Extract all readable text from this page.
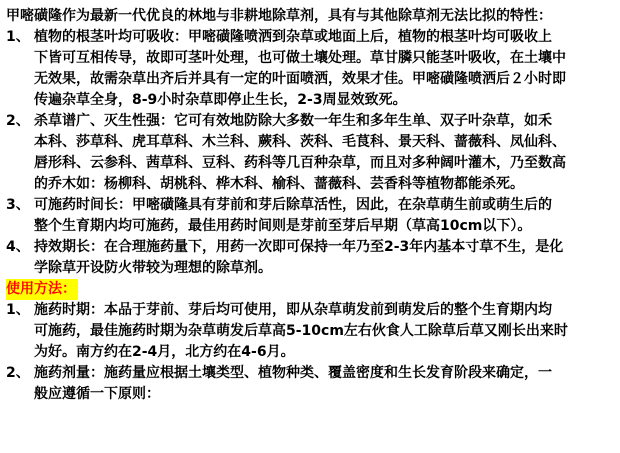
甲嘧磺隆作为最新一代优良的林地与非耕地除草剂，具有与其他除草剂无法比拟的特性：
1、 植物的根茎叶均可吸收：甲嘧磺隆喷洒到杂草或地面上后，植物的根茎叶均可吸收上
下皆可互相传导，故即可茎叶处理，也可做土壤处理。草甘膦只能茎叶吸收，在土壤中
无效果，故需杂草出齐后并具有一定的叶面喷洒，效果才佳。甲嘧磺隆喷洒后２小时即
传遍杂草全身，8-9小时杂草即停止生长，2-3周显效致死。
2、 杀草谱广、灭生性强：它可有效地防除大多数一年生和多年生单、双子叶杂草，如禾
本科、莎草科、虎耳草科、木兰科、蕨科、茨科、毛茛科、景天科、蔷薇科、凤仙科、
唇形科、云参科、茜草科、豆科、药科等几百种杂草，而且对多种阔叶灌木，乃至数高
的乔木如：杨柳科、胡桃科、桦木科、榆科、蔷薇科、芸香科等植物都能杀死。
3、 可施药时间长：甲嘧磺隆具有芽前和芽后除草活性，因此，在杂草萌生前或萌生后的
整个生育期内均可施药，最佳用药时间则是芽前至芽后早期（草高10cm以下）。
4、 持效期长：在合理施药量下，用药一次即可保持一年乃至2-3年内基本寸草不生，是化
学除草开设防火带较为理想的除草剂。
使用方法：
1、 施药时期：本品于芽前、芽后均可使用，即从杂草萌发前到萌发后的整个生育期内均
可施药，最佳施药时期为杂草萌发后草高5-10cm左右伙食人工除草后草又刚长出来时
为好。南方约在2-4月，北方约在4-6月。
2、 施药剂量：施药量应根据土壤类型、植物种类、覆盖密度和生长发育阶段来确定，一
般应遵循一下原则：
